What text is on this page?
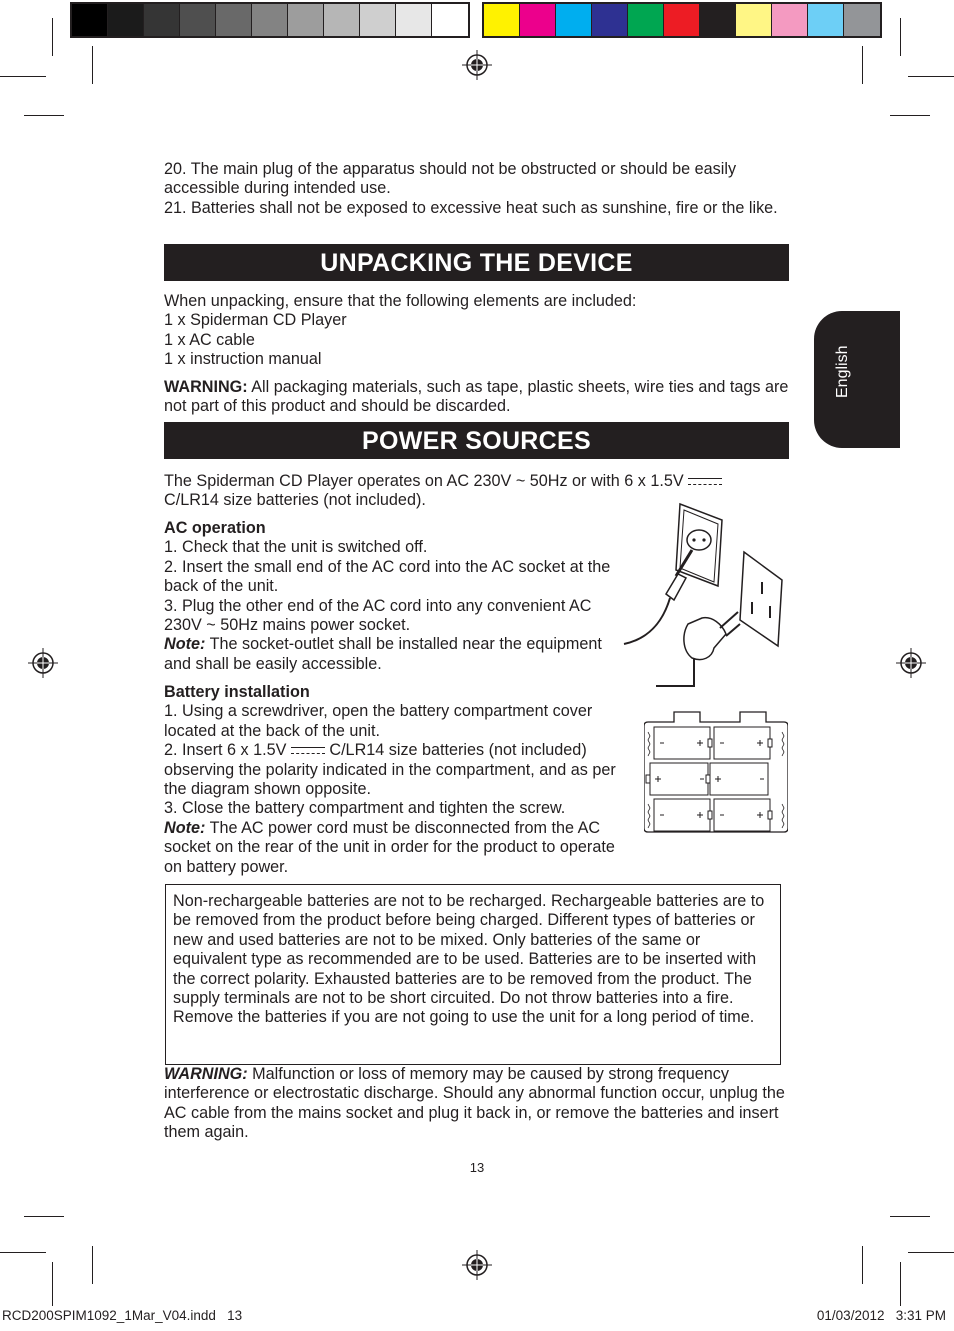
English

20. The main plug of the apparatus should not be obstructed or should be easily accessible during intended use.

21. Batteries shall not be exposed to excessive heat such as sunshine, fire or the like.

UNPACKING THE DEVICE

When unpacking, ensure that the following elements are included:

1 x Spiderman CD Player

1 x AC cable

1 x instruction manual

WARNING: All packaging materials, such as tape, plastic sheets, wire ties and tags are not part of this product and should be discarded.

POWER SOURCES

The Spiderman CD Player operates on AC 230V ~ 50Hz or with 6 x 1.5V

C/LR14 size batteries (not included).

AC operation

1. Check that the unit is switched off.

2. Insert the small end of the AC cord into the AC socket at the back of the unit.

3. Plug the other end of the AC cord into any convenient AC 230V ~ 50Hz mains power socket.

Note: The socket-outlet shall be installed near the equipment and shall be easily accessible.

Battery installation

1. Using a screwdriver, open the battery compartment cover located at the back of the unit.

2. Insert 6 x 1.5V  C/LR14 size batteries (not included) observing the polarity indicated in the compartment, and as per the diagram shown opposite.

3. Close the battery compartment and tighten the screw.

Note: The AC power cord must be disconnected from the AC socket on the rear of the unit in order for the product to operate on battery power.

Non-rechargeable batteries are not to be recharged. Rechargeable batteries are to be removed from the product before being charged. Different types of batteries or new and used batteries are not to be mixed. Only batteries of the same or equivalent type as recommended are to be used. Batteries are to be inserted with the correct polarity. Exhausted batteries are to be removed from the product. The supply terminals are not to be short circuited. Do not throw batteries into a fire. Remove the batteries if you are not going to use the unit for a long period of time.

WARNING: Malfunction or loss of memory may be caused by strong frequency interference or electrostatic discharge. Should any abnormal function occur, unplug the AC cable from the mains socket and plug it back in, or remove the batteries and insert them again.

13
RCD200SPIM1092_1Mar_V04.indd   13	01/03/2012   3:31 PM
